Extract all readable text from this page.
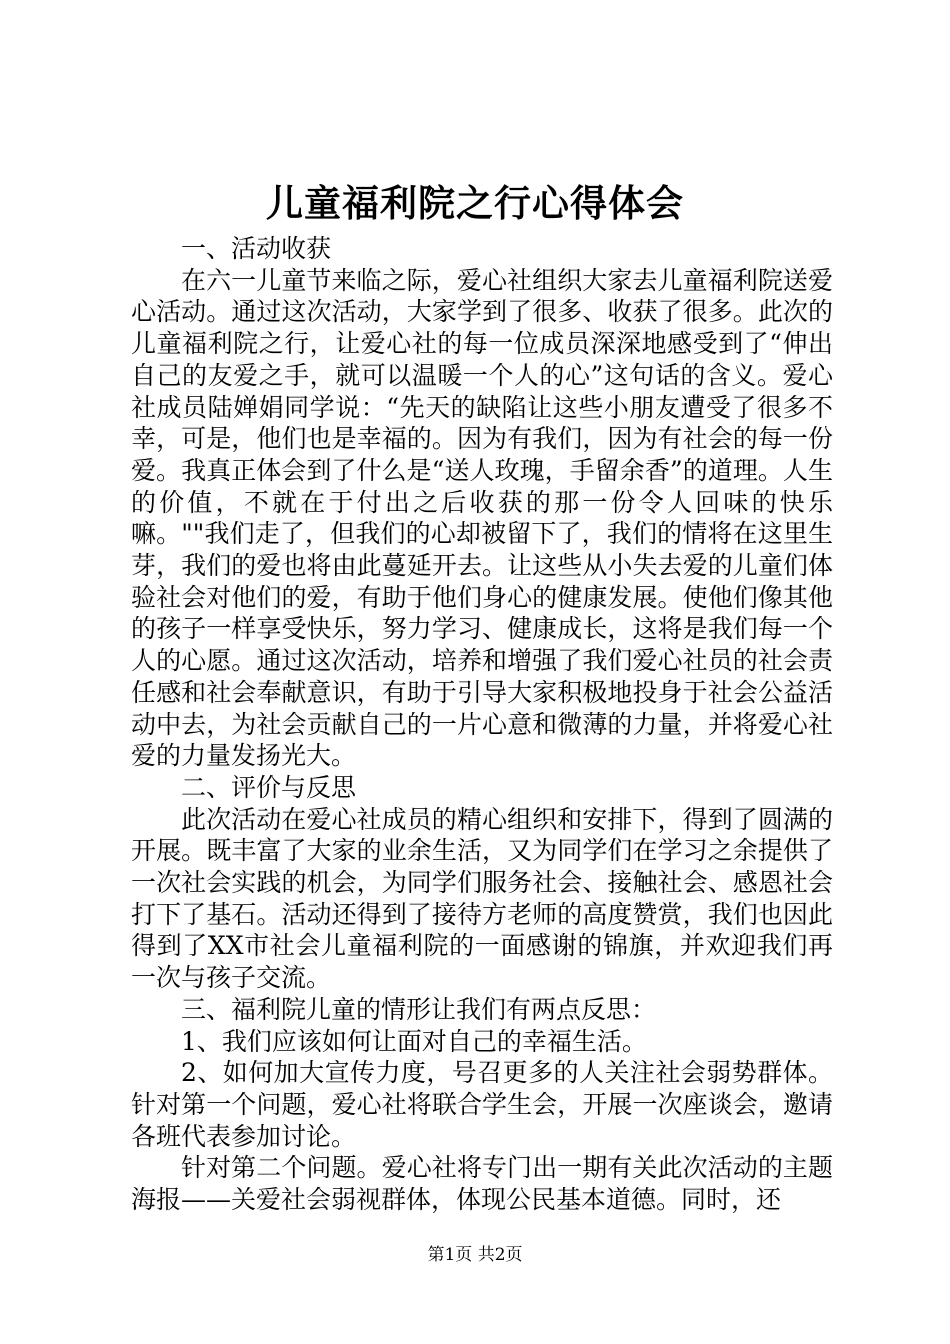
儿童福利院之行心得体会

一、活动收获

在六一儿童节来临之际，爱心社组织大家去儿童福利院送爱心活动。通过这次活动，大家学到了很多、收获了很多。此次的儿童福利院之行，让爱心社的每一位成员深深地感受到了“伸出自己的友爱之手，就可以温暖一个人的心”这句话的含义。爱心社成员陆婵娟同学说：“先天的缺陷让这些小朋友遭受了很多不幸，可是，他们也是幸福的。因为有我们，因为有社会的每一份爱。我真正体会到了什么是“送人玫瑰，手留余香”的道理。人生的价值，不就在于付出之后收获的那一份令人回味的快乐嘛。""我们走了，但我们的心却被留下了，我们的情将在这里生芽，我们的爱也将由此蔓延开去。让这些从小失去爱的儿童们体验社会对他们的爱，有助于他们身心的健康发展。使他们像其他的孩子一样享受快乐，努力学习、健康成长，这将是我们每一个人的心愿。通过这次活动，培养和增强了我们爱心社员的社会责任感和社会奉献意识，有助于引导大家积极地投身于社会公益活动中去，为社会贡献自己的一片心意和微薄的力量，并将爱心社爱的力量发扬光大。

二、评价与反思

此次活动在爱心社成员的精心组织和安排下，得到了圆满的开展。既丰富了大家的业余生活，又为同学们在学习之余提供了一次社会实践的机会，为同学们服务社会、接触社会、感恩社会打下了基石。活动还得到了接待方老师的高度赞赏，我们也因此得到了XX市社会儿童福利院的一面感谢的锦旗，并欢迎我们再一次与孩子交流。

三、福利院儿童的情形让我们有两点反思：

1、我们应该如何让面对自己的幸福生活。

2、如何加大宣传力度，号召更多的人关注社会弱势群体。针对第一个问题，爱心社将联合学生会，开展一次座谈会，邀请各班代表参加讨论。

针对第二个问题。爱心社将专门出一期有关此次活动的主题海报——关爱社会弱视群体，体现公民基本道德。同时，还

第1页 共2页
